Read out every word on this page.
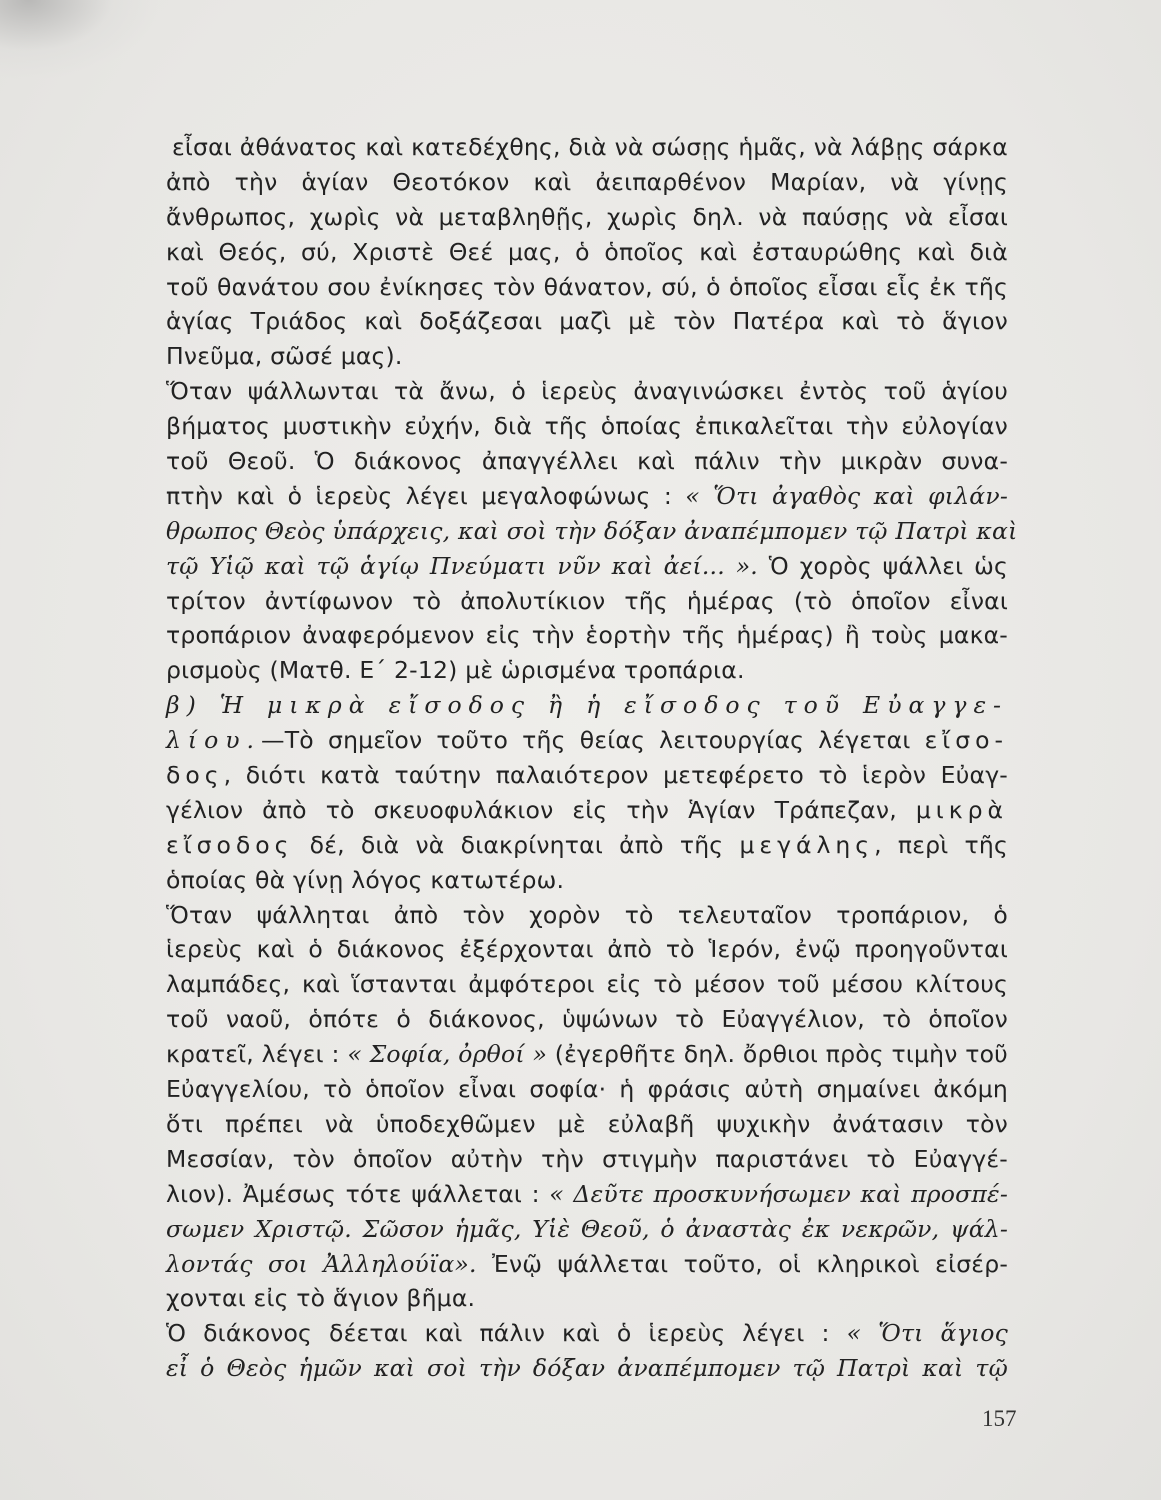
εἶσαι ἀθάνατος καὶ κατεδέχθης, διὰ νὰ σώσῃς ἡμᾶς, νὰ λάβῃς σάρκα
ἀπὸ τὴν ἁγίαν Θεοτόκον καὶ ἀειπαρθένον Μαρίαν, νὰ γίνῃς
ἄνθρωπος, χωρὶς νὰ μεταβληθῇς, χωρὶς δηλ. νὰ παύσῃς νὰ εἶσαι
καὶ Θεός, σύ, Χριστὲ Θεέ μας, ὁ ὁποῖος καὶ ἐσταυρώθης καὶ διὰ
τοῦ θανάτου σου ἐνίκησες τὸν θάνατον, σύ, ὁ ὁποῖος εἶσαι εἷς ἐκ τῆς
ἁγίας Τριάδος καὶ δοξάζεσαι μαζὶ μὲ τὸν Πατέρα καὶ τὸ ἅγιον
Πνεῦμα, σῶσέ μας).
Ὅταν ψάλλωνται τὰ ἄνω, ὁ ἱερεὺς ἀναγινώσκει ἐντὸς τοῦ ἁγίου
βήματος μυστικὴν εὐχήν, διὰ τῆς ὁποίας ἐπικαλεῖται τὴν εὐλογίαν
τοῦ Θεοῦ. Ὁ διάκονος ἀπαγγέλλει καὶ πάλιν τὴν μικρὰν συνα-
πτὴν καὶ ὁ ἱερεὺς λέγει μεγαλοφώνως : « Ὅτι ἀγαθὸς καὶ φιλάν-
θρωπος Θεὸς ὑπάρχεις, καὶ σοὶ τὴν δόξαν ἀναπέμπομεν τῷ Πατρὶ καὶ
τῷ Υἱῷ καὶ τῷ ἁγίῳ Πνεύματι νῦν καὶ ἀεί... ». Ὁ χορὸς ψάλλει ὡς
τρίτον ἀντίφωνον τὸ ἀπολυτίκιον τῆς ἡμέρας (τὸ ὁποῖον εἶναι
τροπάριον ἀναφερόμενον εἰς τὴν ἑορτὴν τῆς ἡμέρας) ἢ τοὺς μακα-
ρισμοὺς (Ματθ. Ε΄ 2-12) μὲ ὡρισμένα τροπάρια.
β) Ἡ μικρὰ εἴσοδος ἢ ἡ εἴσοδος τοῦ Εὐαγγε-
λίου.—Τὸ σημεῖον τοῦτο τῆς θείας λειτουργίας λέγεται εἴσο-
δος, διότι κατὰ ταύτην παλαιότερον μετεφέρετο τὸ ἱερὸν Εὐαγ-
γέλιον ἀπὸ τὸ σκευοφυλάκιον εἰς τὴν Ἁγίαν Τράπεζαν, μικρὰ
εἴσοδος δέ, διὰ νὰ διακρίνηται ἀπὸ τῆς μεγάλης, περὶ τῆς
ὁποίας θὰ γίνῃ λόγος κατωτέρω.
Ὅταν ψάλληται ἀπὸ τὸν χορὸν τὸ τελευταῖον τροπάριον, ὁ
ἱερεὺς καὶ ὁ διάκονος ἐξέρχονται ἀπὸ τὸ Ἱερόν, ἐνῷ προηγοῦνται
λαμπάδες, καὶ ἵστανται ἀμφότεροι εἰς τὸ μέσον τοῦ μέσου κλίτους
τοῦ ναοῦ, ὁπότε ὁ διάκονος, ὑψώνων τὸ Εὐαγγέλιον, τὸ ὁποῖον
κρατεῖ, λέγει : « Σοφία, ὀρθοί » (ἐγερθῆτε δηλ. ὄρθιοι πρὸς τιμὴν τοῦ
Εὐαγγελίου, τὸ ὁποῖον εἶναι σοφία· ἡ φράσις αὐτὴ σημαίνει ἀκόμη
ὅτι πρέπει νὰ ὑποδεχθῶμεν μὲ εὐλαβῆ ψυχικὴν ἀνάτασιν τὸν
Μεσσίαν, τὸν ὁποῖον αὐτὴν τὴν στιγμὴν παριστάνει τὸ Εὐαγγέ-
λιον). Ἀμέσως τότε ψάλλεται : « Δεῦτε προσκυνήσωμεν καὶ προσπέ-
σωμεν Χριστῷ. Σῶσον ἡμᾶς, Υἱὲ Θεοῦ, ὁ ἀναστὰς ἐκ νεκρῶν, ψάλ-
λοντάς σοι Ἀλληλούϊα». Ἐνῷ ψάλλεται τοῦτο, οἱ κληρικοὶ εἰσέρ-
χονται εἰς τὸ ἅγιον βῆμα.
Ὁ διάκονος δέεται καὶ πάλιν καὶ ὁ ἱερεὺς λέγει : « Ὅτι ἅγιος
εἶ ὁ Θεὸς ἡμῶν καὶ σοὶ τὴν δόξαν ἀναπέμπομεν τῷ Πατρὶ καὶ τῷ
157
